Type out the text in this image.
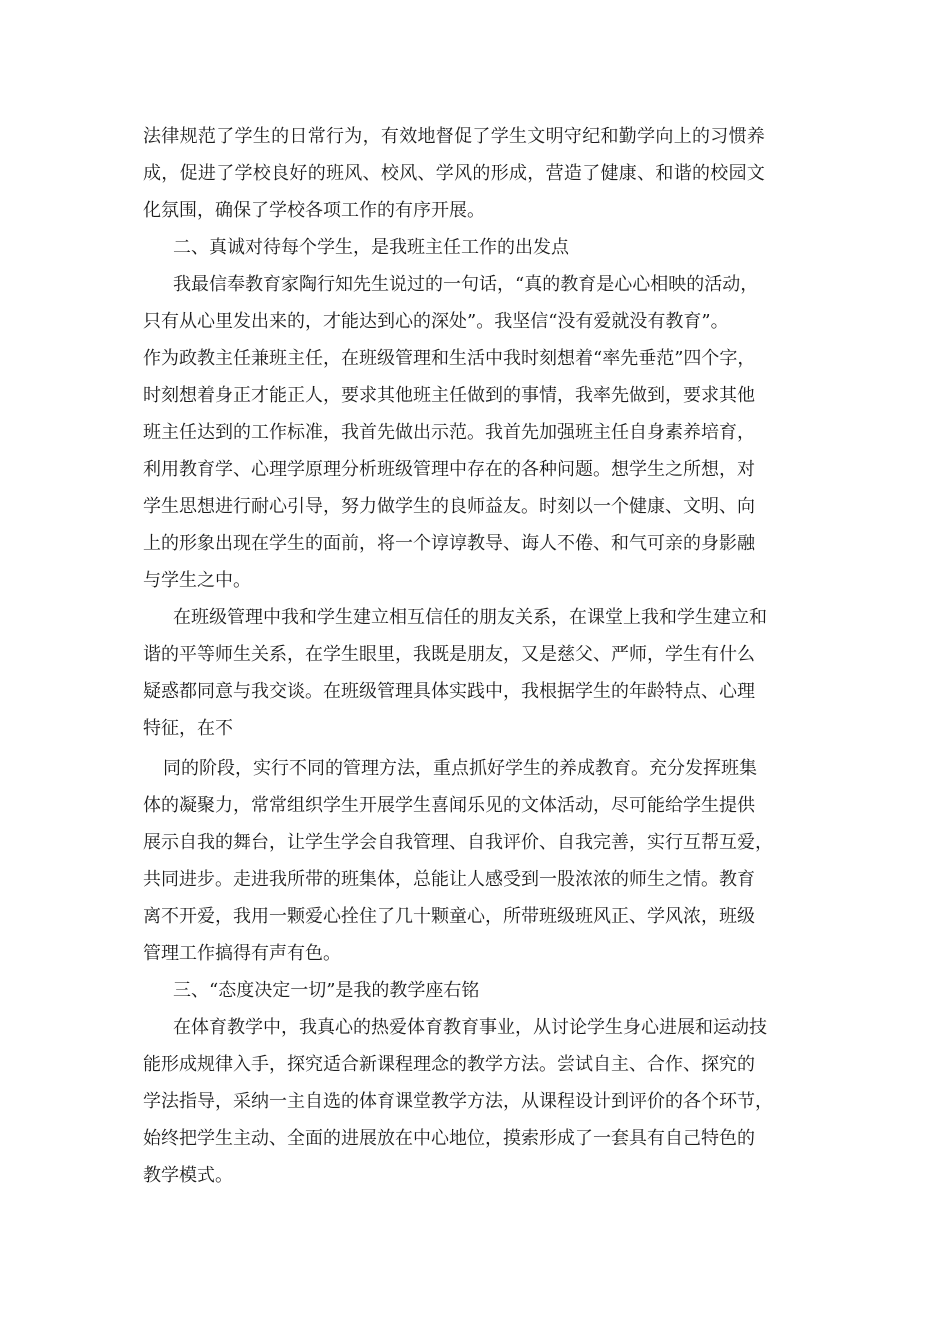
法律规范了学生的日常行为，有效地督促了学生文明守纪和勤学向上的习惯养
成，促进了学校良好的班风、校风、学风的形成，营造了健康、和谐的校园文
化氛围，确保了学校各项工作的有序开展。
二、真诚对待每个学生，是我班主任工作的出发点
我最信奉教育家陶行知先生说过的一句话，“真的教育是心心相映的活动，
只有从心里发出来的，才能达到心的深处”。我坚信“没有爱就没有教育”。
作为政教主任兼班主任，在班级管理和生活中我时刻想着“率先垂范”四个字，
时刻想着身正才能正人，要求其他班主任做到的事情，我率先做到，要求其他
班主任达到的工作标准，我首先做出示范。我首先加强班主任自身素养培育，
利用教育学、心理学原理分析班级管理中存在的各种问题。想学生之所想，对
学生思想进行耐心引导，努力做学生的良师益友。时刻以一个健康、文明、向
上的形象出现在学生的面前，将一个谆谆教导、诲人不倦、和气可亲的身影融
与学生之中。
在班级管理中我和学生建立相互信任的朋友关系，在课堂上我和学生建立和
谐的平等师生关系，在学生眼里，我既是朋友，又是慈父、严师，学生有什么
疑惑都同意与我交谈。在班级管理具体实践中，我根据学生的年龄特点、心理
特征，在不
同的阶段，实行不同的管理方法，重点抓好学生的养成教育。充分发挥班集
体的凝聚力，常常组织学生开展学生喜闻乐见的文体活动，尽可能给学生提供
展示自我的舞台，让学生学会自我管理、自我评价、自我完善，实行互帮互爱，
共同进步。走进我所带的班集体，总能让人感受到一股浓浓的师生之情。教育
离不开爱，我用一颗爱心拴住了几十颗童心，所带班级班风正、学风浓，班级
管理工作搞得有声有色。
三、“态度决定一切”是我的教学座右铭
在体育教学中，我真心的热爱体育教育事业，从讨论学生身心进展和运动技
能形成规律入手，探究适合新课程理念的教学方法。尝试自主、合作、探究的
学法指导，采纳一主自选的体育课堂教学方法，从课程设计到评价的各个环节，
始终把学生主动、全面的进展放在中心地位，摸索形成了一套具有自己特色的
教学模式。
